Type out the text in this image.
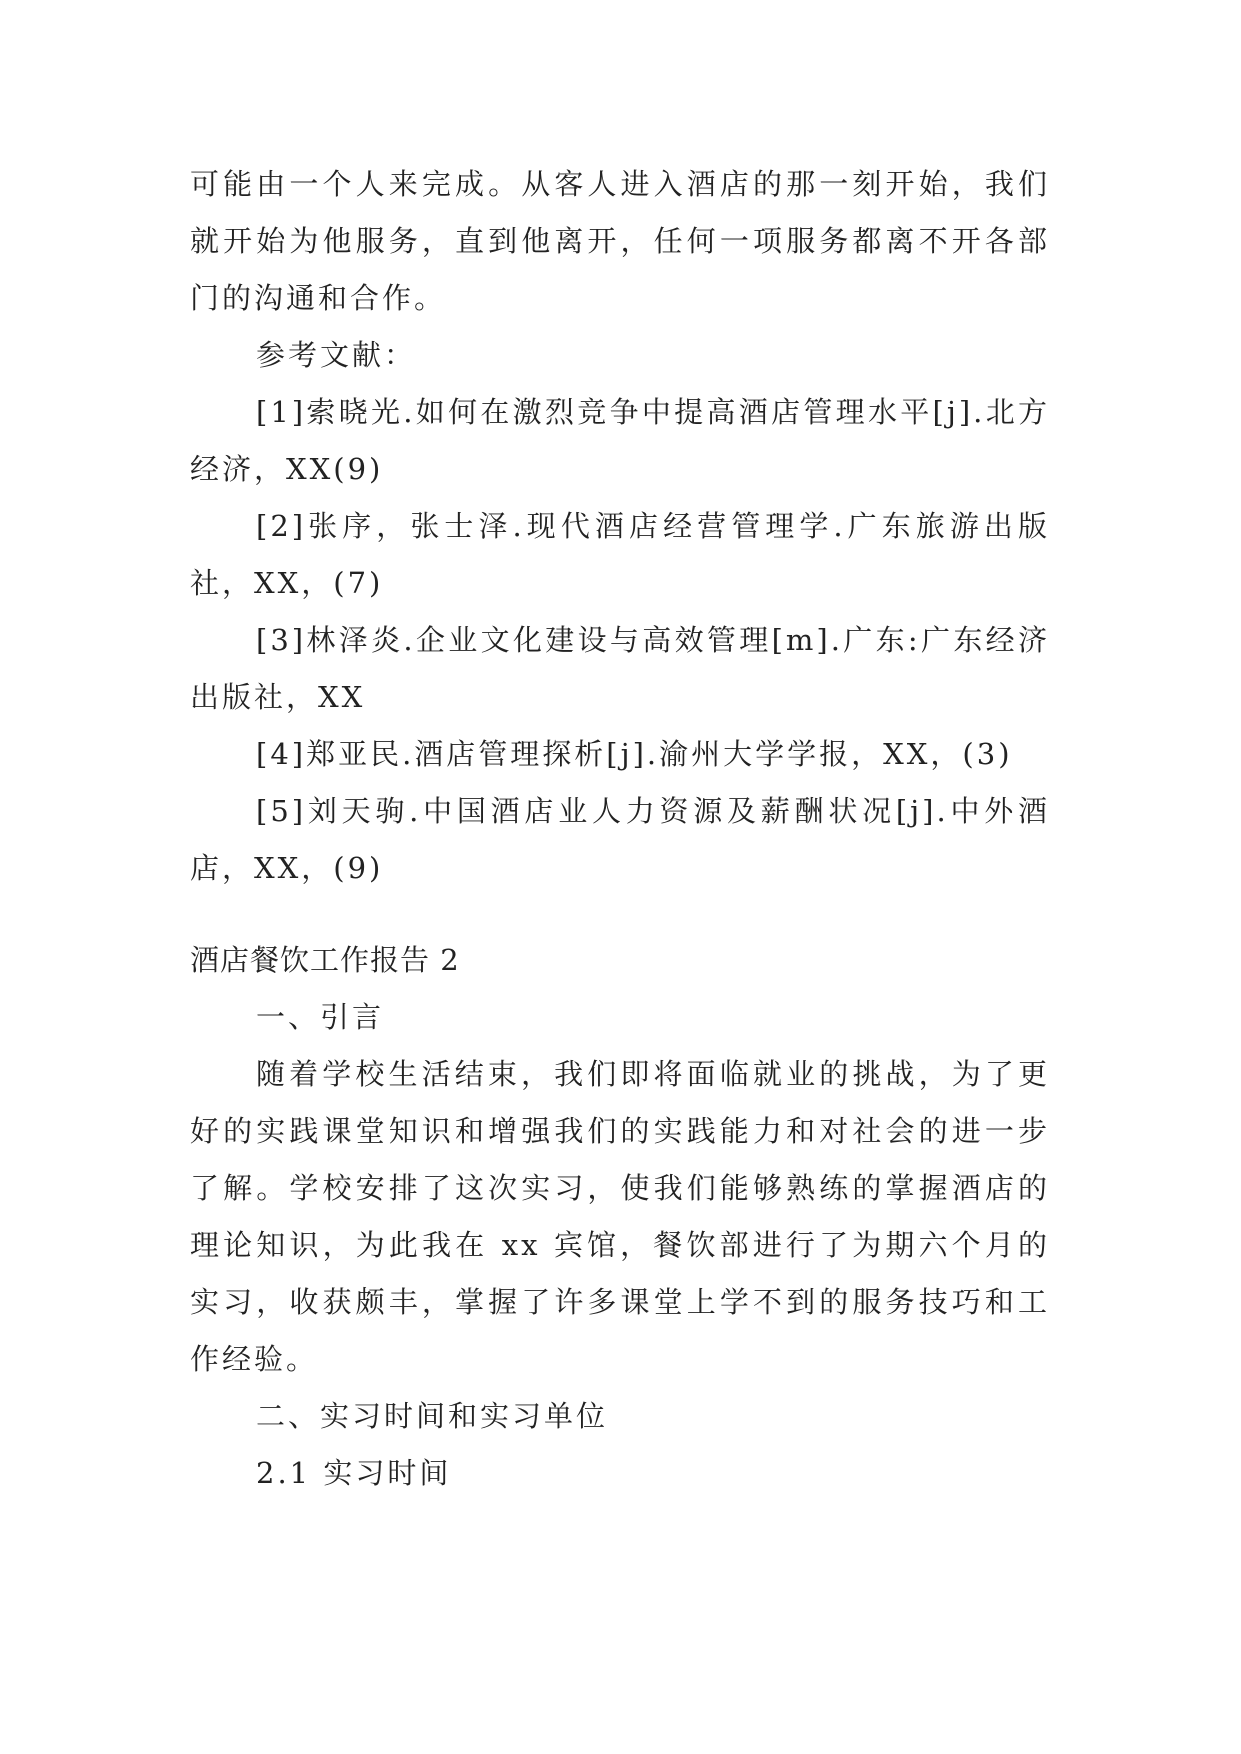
可能由一个人来完成。从客人进入酒店的那一刻开始，我们就开始为他服务，直到他离开，任何一项服务都离不开各部门的沟通和合作。

参考文献：

[1]索晓光.如何在激烈竞争中提高酒店管理水平[j].北方经济，XX(9)

[2]张序，张士泽.现代酒店经营管理学.广东旅游出版社，XX，(7)

[3]林泽炎.企业文化建设与高效管理[m].广东:广东经济出版社，XX

[4]郑亚民.酒店管理探析[j].渝州大学学报，XX，(3)

[5]刘天驹.中国酒店业人力资源及薪酬状况[j].中外酒店，XX，(9)

酒店餐饮工作报告 2

一、引言

随着学校生活结束，我们即将面临就业的挑战，为了更好的实践课堂知识和增强我们的实践能力和对社会的进一步了解。学校安排了这次实习，使我们能够熟练的掌握酒店的理论知识，为此我在 xx 宾馆，餐饮部进行了为期六个月的实习，收获颇丰，掌握了许多课堂上学不到的服务技巧和工作经验。

二、实习时间和实习单位

2.1 实习时间
